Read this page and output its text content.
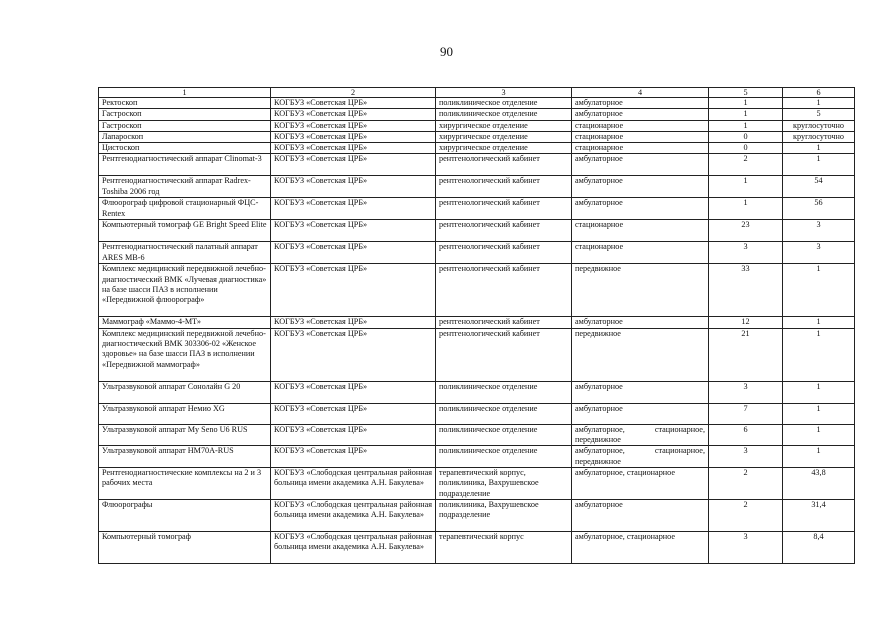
90
1	2	3	4	5	6
Ректоскоп	КОГБУЗ «Советская ЦРБ»	поликлиническое отделение	амбулаторное	1	1
Гастроскоп	КОГБУЗ «Советская ЦРБ»	поликлиническое отделение	амбулаторное	1	5
Гастроскоп	КОГБУЗ «Советская ЦРБ»	хирургическое отделение	стационарное	1	круглосуточно
Лапароскоп	КОГБУЗ «Советская ЦРБ»	хирургическое отделение	стационарное	0	круглосуточно
Цистоскоп	КОГБУЗ «Советская ЦРБ»	хирургическое отделение	стационарное	0	1
Рентгенодиагностический аппарат Clinomat-3	КОГБУЗ «Советская ЦРБ»	рентгенологический кабинет	амбулаторное	2	1
Рентгенодиагностический аппарат Radrex-Toshiba 2006 год	КОГБУЗ «Советская ЦРБ»	рентгенологический кабинет	амбулаторное	1	54
Флюорограф цифровой стационарный ФЦС-Rentex	КОГБУЗ «Советская ЦРБ»	рентгенологический кабинет	амбулаторное	1	56
Компьютерный томограф GE Bright Speed Elite	КОГБУЗ «Советская ЦРБ»	рентгенологический кабинет	стационарное	23	3
Рентгенодиагностический палатный аппарат ARES MB-6	КОГБУЗ «Советская ЦРБ»	рентгенологический кабинет	стационарное	3	3
Комплекс медицинский передвижной лечебно-диагностический ВМК «Лучевая диагностика» на базе шасси ПАЗ в исполнении «Передвижной флюорограф»	КОГБУЗ «Советская ЦРБ»	рентгенологический кабинет	передвижное	33	1
Маммограф «Маммо-4-МТ»	КОГБУЗ «Советская ЦРБ»	рентгенологический кабинет	амбулаторное	12	1
Комплекс медицинский передвижной лечебно-диагностический ВМК 303306-02 «Женское здоровье» на базе шасси ПАЗ в исполнении «Передвижной маммограф»	КОГБУЗ «Советская ЦРБ»	рентгенологический кабинет	передвижное	21	1
Ультразвуковой аппарат Сонолайн G 20	КОГБУЗ «Советская ЦРБ»	поликлиническое отделение	амбулаторное	3	1
Ультразвуковой аппарат Немио XG	КОГБУЗ «Советская ЦРБ»	поликлиническое отделение	амбулаторное	7	1
Ультразвуковой аппарат My Seno U6 RUS	КОГБУЗ «Советская ЦРБ»	поликлиническое отделение	амбулаторное, стационарное, передвижное	6	1
Ультразвуковой аппарат HM70A-RUS	КОГБУЗ «Советская ЦРБ»	поликлиническое отделение	амбулаторное, стационарное, передвижное	3	1
Рентгенодиагностические комплексы на 2 и 3 рабочих места	КОГБУЗ «Слободская центральная районная больница имени академика А.Н. Бакулева»	терапевтический корпус, поликлиника, Вахрушевское подразделение	амбулаторное, стационарное	2	43,8
Флюорографы	КОГБУЗ «Слободская центральная районная больница имени академика А.Н. Бакулева»	поликлиника, Вахрушевское подразделение	амбулаторное	2	31,4
Компьютерный томограф	КОГБУЗ «Слободская центральная районная больница имени академика А.Н. Бакулева»	терапевтический корпус	амбулаторное, стационарное	3	8,4
